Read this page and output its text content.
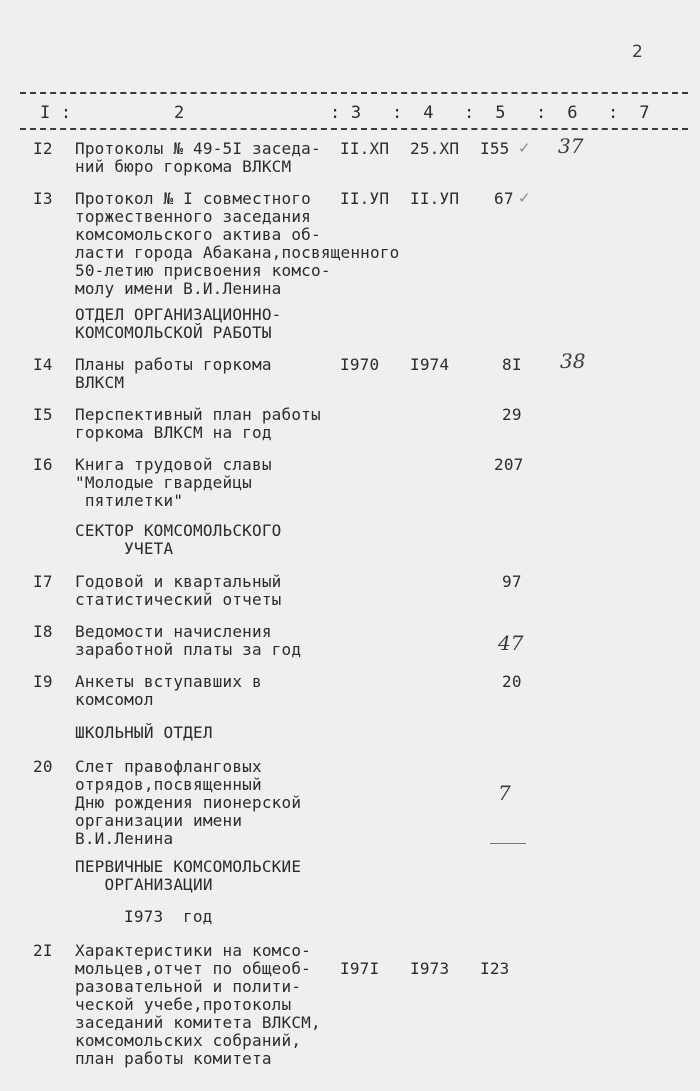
2
I :	2	: 3 :  4 :  5 :  6 :  7
I2 Протоколы № 49-5I заседа-
ний бюро горкома ВЛКСМ
II.ХП 25.ХП I55 ✓ 37
I3 Протокол № I совместного
торжественного заседания
комсомольского актива об-
ласти города Абакана,посвященного
50-летию присвоения комсо-
молу имени В.И.Ленина
II.УП II.УП 67 ✓
ОТДЕЛ ОРГАНИЗАЦИОННО-
КОМСОМОЛЬСКОЙ РАБОТЫ
I4 Планы работы горкома
ВЛКСМ
I970 I974	8I 38
I5 Перспективный план работы
горкома ВЛКСМ на год
29
I6 Книга трудовой славы
"Молодые гвардейцы
пятилетки"
207
СЕКТОР КОМСОМОЛЬСКОГО
УЧЕТА
I7 Годовой и квартальный
статистический отчеты
97
I8 Ведомости начисления
заработной платы за год	47
I9 Анкеты вступавших в
комсомол
20
ШКОЛЬНЫЙ ОТДЕЛ
20 Слет правофланговых
отрядов,посвященный
Дню рождения пионерской
организации имени
В.И.Ленина
7
ПЕРВИЧНЫЕ КОМСОМОЛЬСКИЕ
ОРГАНИЗАЦИИ
I973  год
2I Характеристики на комсо-
мольцев,отчет по общеоб-
разовательной и полити-
ческой учебе,протоколы
заседаний комитета ВЛКСМ,
комсомольских собраний,
план работы комитета
I97I I973 I23
